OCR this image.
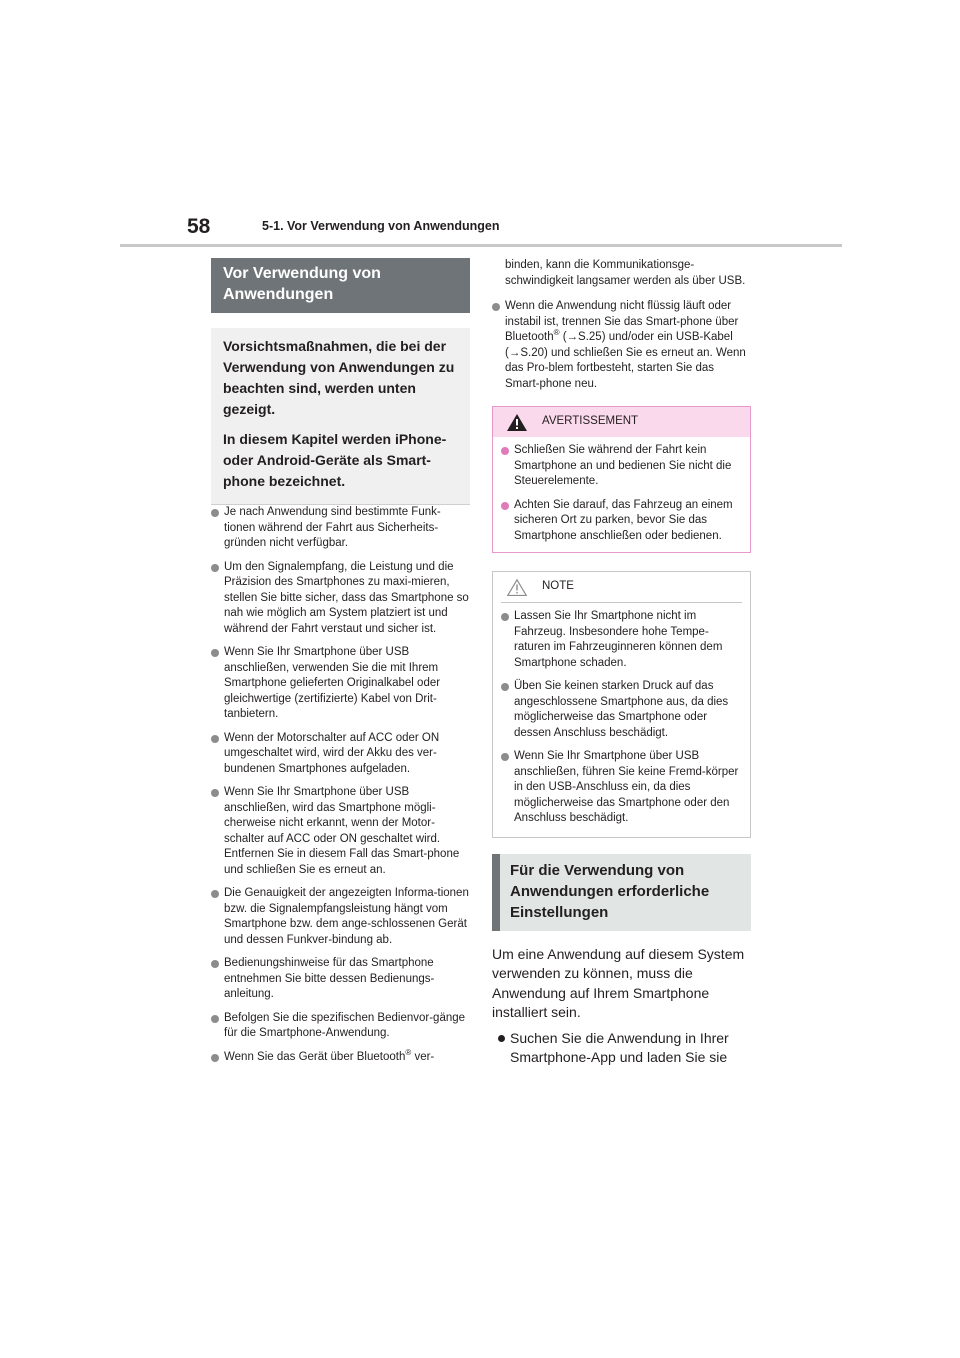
58	5-1. Vor Verwendung von Anwendungen
Vor Verwendung von Anwendungen

Vorsichtsmaßnahmen, die bei der Verwendung von Anwendungen zu beachten sind, werden unten gezeigt.

In diesem Kapitel werden iPhone- oder Android-Geräte als Smart-phone bezeichnet.

Je nach Anwendung sind bestimmte Funk-tionen während der Fahrt aus Sicherheits-gründen nicht verfügbar.
Um den Signalempfang, die Leistung und die Präzision des Smartphones zu maxi-mieren, stellen Sie bitte sicher, dass das Smartphone so nah wie möglich am System platziert ist und während der Fahrt verstaut und sicher ist.
Wenn Sie Ihr Smartphone über USB anschließen, verwenden Sie die mit Ihrem Smartphone gelieferten Originalkabel oder gleichwertige (zertifizierte) Kabel von Drit-tanbietern.
Wenn der Motorschalter auf ACC oder ON umgeschaltet wird, wird der Akku des ver-bundenen Smartphones aufgeladen.
Wenn Sie Ihr Smartphone über USB anschließen, wird das Smartphone mögli-cherweise nicht erkannt, wenn der Motor-schalter auf ACC oder ON geschaltet wird. Entfernen Sie in diesem Fall das Smart-phone und schließen Sie es erneut an.
Die Genauigkeit der angezeigten Informa-tionen bzw. die Signalempfangsleistung hängt vom Smartphone bzw. dem ange-schlossenen Gerät und dessen Funkver-bindung ab.
Bedienungshinweise für das Smartphone entnehmen Sie bitte dessen Bedienungs-anleitung.
Befolgen Sie die spezifischen Bedienvor-gänge für die Smartphone-Anwendung.
Wenn Sie das Gerät über Bluetooth® ver-
binden, kann die Kommunikationsge-schwindigkeit langsamer werden als über USB.
Wenn die Anwendung nicht flüssig läuft oder instabil ist, trennen Sie das Smart-phone über Bluetooth® (→S.25) und/oder ein USB-Kabel (→S.20) und schließen Sie es erneut an. Wenn das Pro-blem fortbesteht, starten Sie das Smart-phone neu.
AVERTISSEMENT
Schließen Sie während der Fahrt kein Smartphone an und bedienen Sie nicht die Steuerelemente.
Achten Sie darauf, das Fahrzeug an einem sicheren Ort zu parken, bevor Sie das Smartphone anschließen oder bedienen.
NOTE
Lassen Sie Ihr Smartphone nicht im Fahrzeug. Insbesondere hohe Tempe-raturen im Fahrzeuginneren können dem Smartphone schaden.
Üben Sie keinen starken Druck auf das angeschlossene Smartphone aus, da dies möglicherweise das Smartphone oder dessen Anschluss beschädigt.
Wenn Sie Ihr Smartphone über USB anschließen, führen Sie keine Fremd-körper in den USB-Anschluss ein, da dies möglicherweise das Smartphone oder den Anschluss beschädigt.
Für die Verwendung von Anwendungen erforderliche Einstellungen
Um eine Anwendung auf diesem System verwenden zu können, muss die Anwendung auf Ihrem Smartphone installiert sein.
Suchen Sie die Anwendung in Ihrer Smartphone-App und laden Sie sie
